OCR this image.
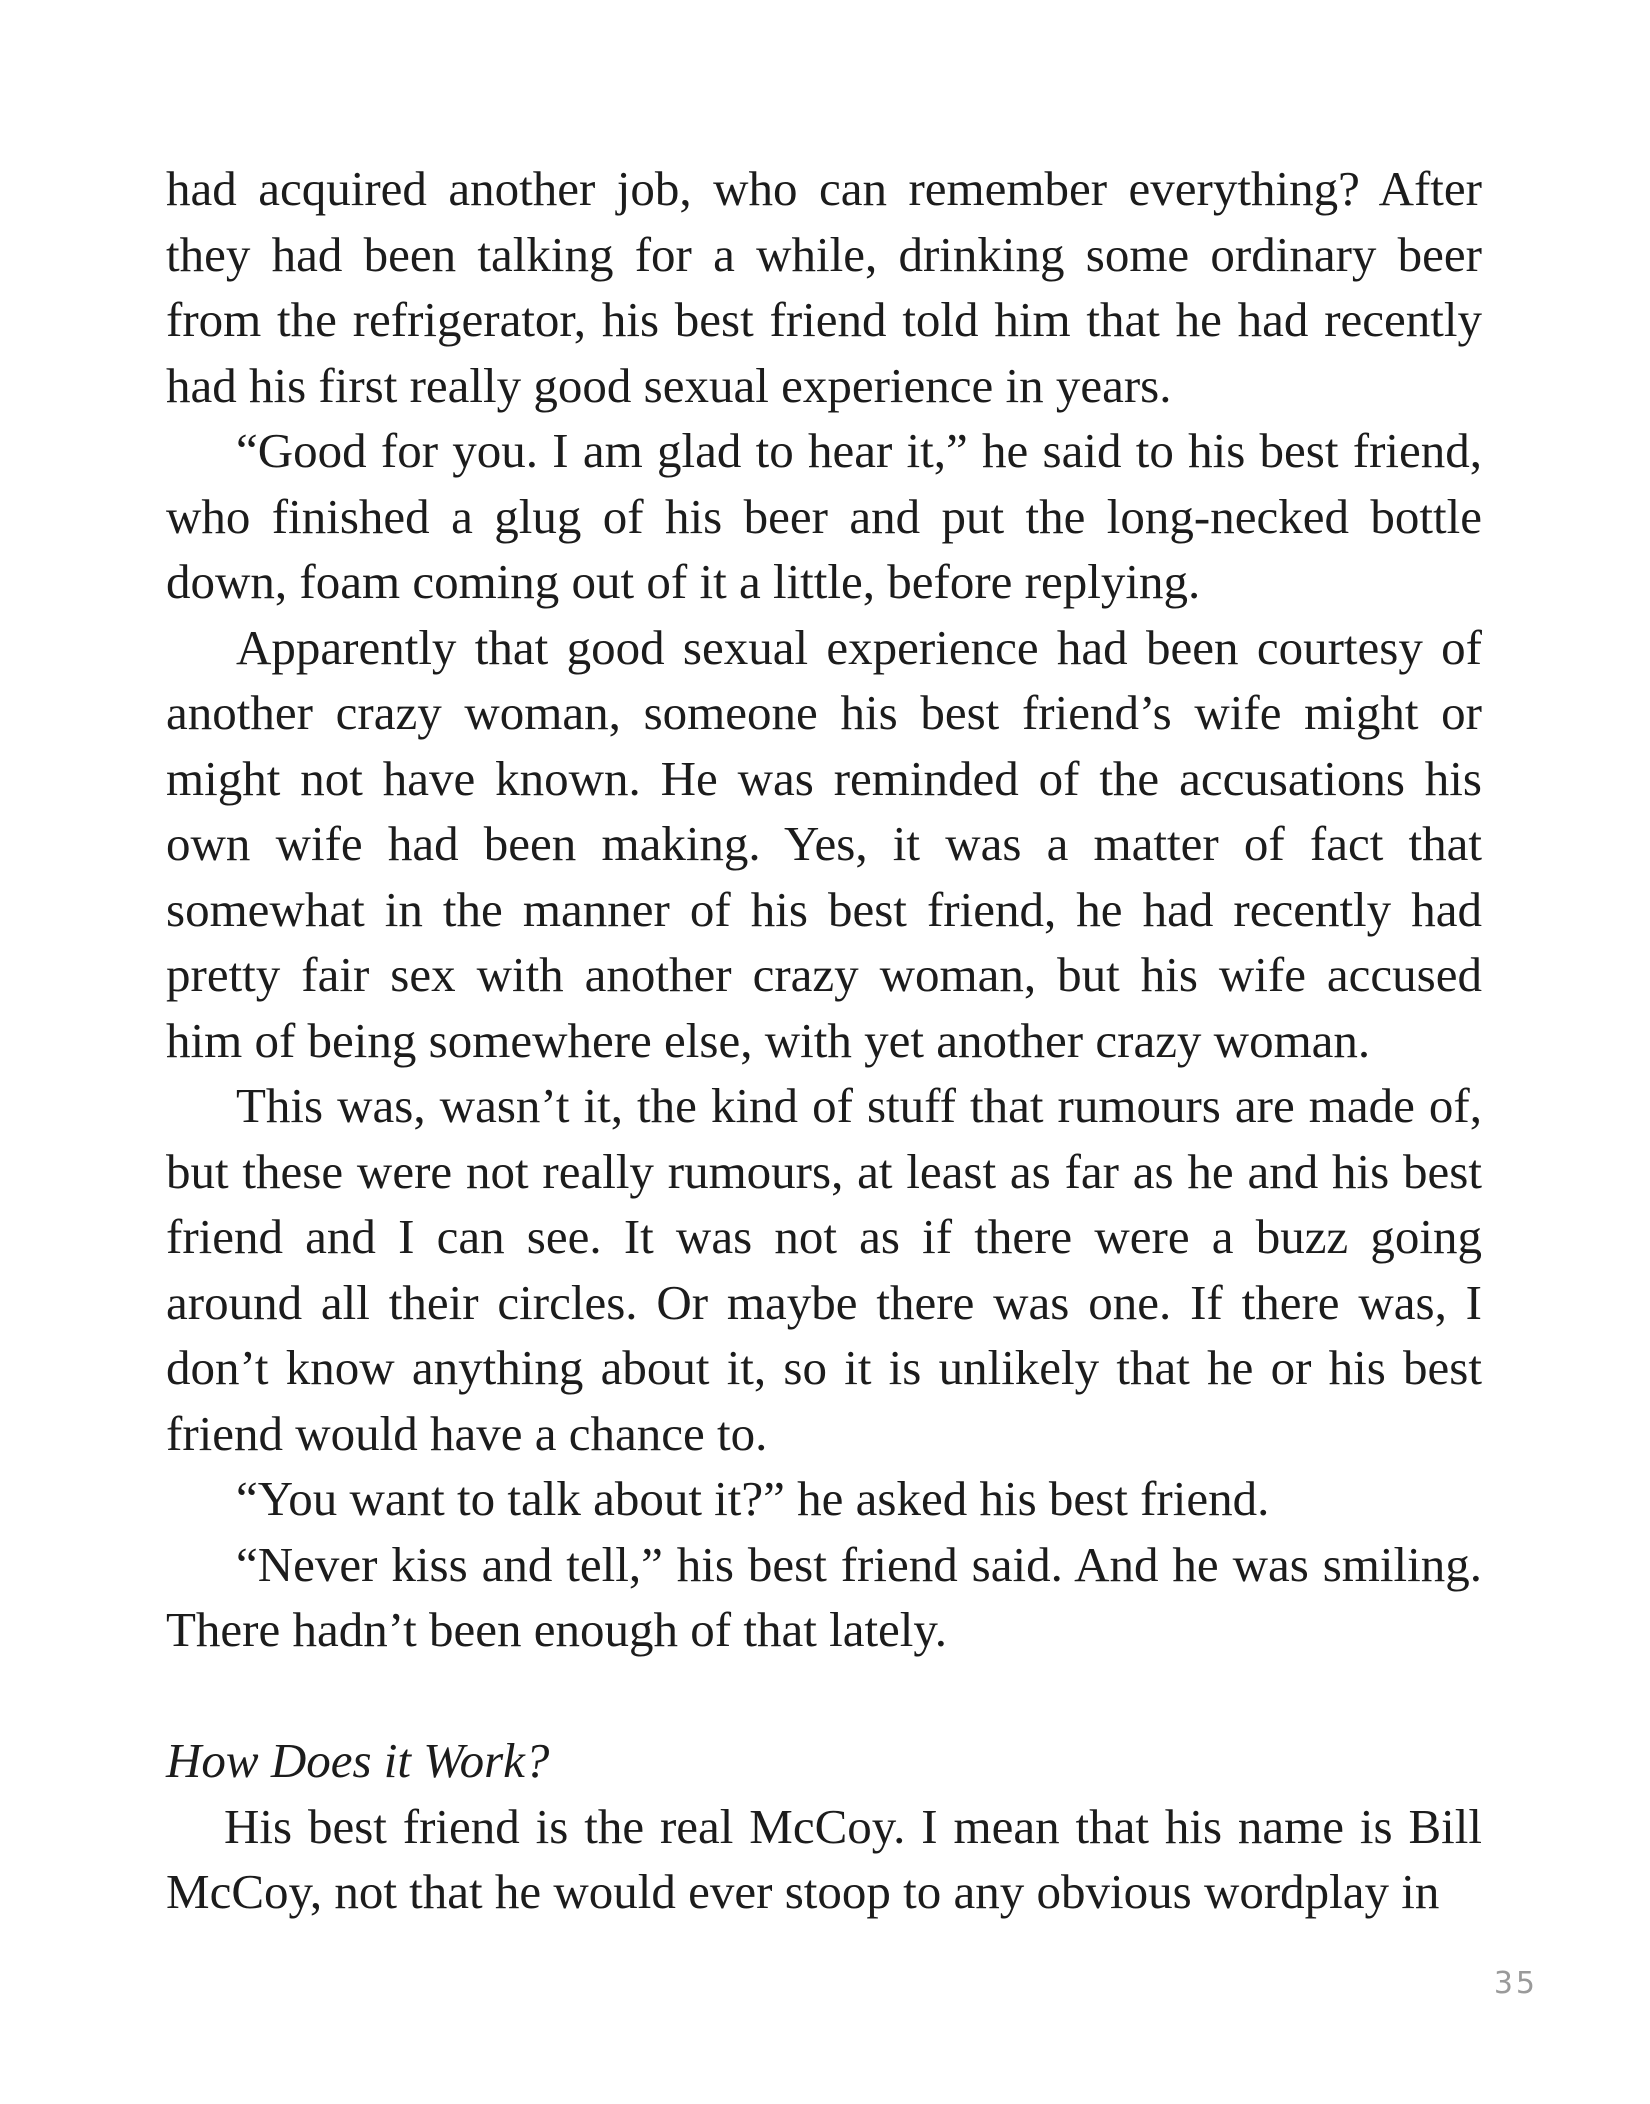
had acquired another job, who can remember everything? After they had been talking for a while, drinking some ordinary beer from the refrigerator, his best friend told him that he had recently had his first really good sexual experience in years.

“Good for you. I am glad to hear it,” he said to his best friend, who finished a glug of his beer and put the long-necked bottle down, foam coming out of it a little, before replying.

Apparently that good sexual experience had been courtesy of another crazy woman, someone his best friend’s wife might or might not have known. He was reminded of the accusations his own wife had been making. Yes, it was a matter of fact that somewhat in the manner of his best friend, he had recently had pretty fair sex with another crazy woman, but his wife accused him of being somewhere else, with yet another crazy woman.

This was, wasn’t it, the kind of stuff that rumours are made of, but these were not really rumours, at least as far as he and his best friend and I can see. It was not as if there were a buzz going around all their circles. Or maybe there was one. If there was, I don’t know anything about it, so it is unlikely that he or his best friend would have a chance to.

“You want to talk about it?” he asked his best friend.

“Never kiss and tell,” his best friend said. And he was smiling. There hadn’t been enough of that lately.

How Does it Work?

His best friend is the real McCoy. I mean that his name is Bill McCoy, not that he would ever stoop to any obvious wordplay in

35
